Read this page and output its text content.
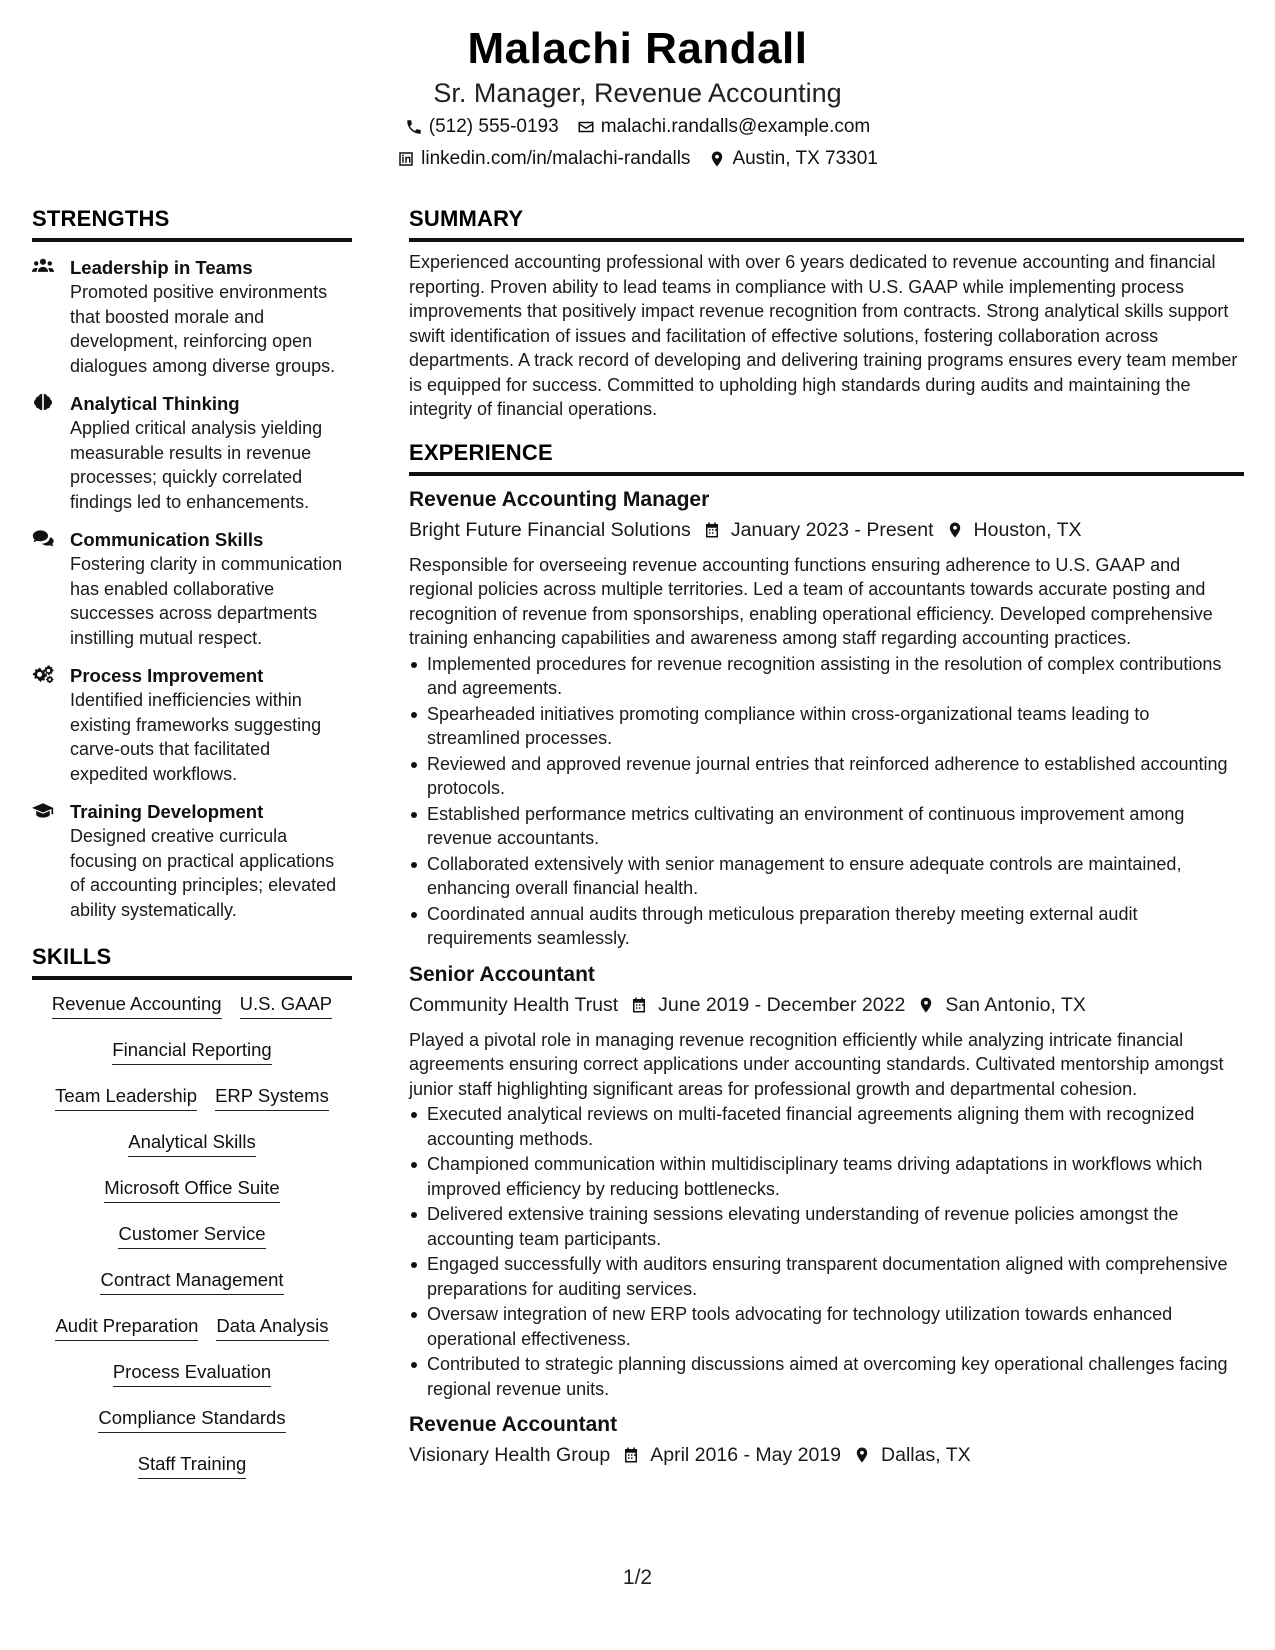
Malachi Randall
Sr. Manager, Revenue Accounting
(512) 555-0193 malachi.randalls@example.com
linkedin.com/in/malachi-randalls Austin, TX 73301
STRENGTHS
Leadership in Teams
Promoted positive environments that boosted morale and development, reinforcing open dialogues among diverse groups.
Analytical Thinking
Applied critical analysis yielding measurable results in revenue processes; quickly correlated findings led to enhancements.
Communication Skills
Fostering clarity in communication has enabled collaborative successes across departments instilling mutual respect.
Process Improvement
Identified inefficiencies within existing frameworks suggesting carve-outs that facilitated expedited workflows.
Training Development
Designed creative curricula focusing on practical applications of accounting principles; elevated ability systematically.
SKILLS
Revenue Accounting U.S. GAAP
Financial Reporting
Team Leadership ERP Systems
Analytical Skills
Microsoft Office Suite
Customer Service
Contract Management
Audit Preparation Data Analysis
Process Evaluation
Compliance Standards
Staff Training
SUMMARY
Experienced accounting professional with over 6 years dedicated to revenue accounting and financial reporting. Proven ability to lead teams in compliance with U.S. GAAP while implementing process improvements that positively impact revenue recognition from contracts. Strong analytical skills support swift identification of issues and facilitation of effective solutions, fostering collaboration across departments. A track record of developing and delivering training programs ensures every team member is equipped for success. Committed to upholding high standards during audits and maintaining the integrity of financial operations.
EXPERIENCE
Revenue Accounting Manager
Bright Future Financial Solutions January 2023 - Present Houston, TX
Responsible for overseeing revenue accounting functions ensuring adherence to U.S. GAAP and regional policies across multiple territories. Led a team of accountants towards accurate posting and recognition of revenue from sponsorships, enabling operational efficiency. Developed comprehensive training enhancing capabilities and awareness among staff regarding accounting practices.
Implemented procedures for revenue recognition assisting in the resolution of complex contributions and agreements.
Spearheaded initiatives promoting compliance within cross-organizational teams leading to streamlined processes.
Reviewed and approved revenue journal entries that reinforced adherence to established accounting protocols.
Established performance metrics cultivating an environment of continuous improvement among revenue accountants.
Collaborated extensively with senior management to ensure adequate controls are maintained, enhancing overall financial health.
Coordinated annual audits through meticulous preparation thereby meeting external audit requirements seamlessly.
Senior Accountant
Community Health Trust June 2019 - December 2022 San Antonio, TX
Played a pivotal role in managing revenue recognition efficiently while analyzing intricate financial agreements ensuring correct applications under accounting standards. Cultivated mentorship amongst junior staff highlighting significant areas for professional growth and departmental cohesion.
Executed analytical reviews on multi-faceted financial agreements aligning them with recognized accounting methods.
Championed communication within multidisciplinary teams driving adaptations in workflows which improved efficiency by reducing bottlenecks.
Delivered extensive training sessions elevating understanding of revenue policies amongst the accounting team participants.
Engaged successfully with auditors ensuring transparent documentation aligned with comprehensive preparations for auditing services.
Oversaw integration of new ERP tools advocating for technology utilization towards enhanced operational effectiveness.
Contributed to strategic planning discussions aimed at overcoming key operational challenges facing regional revenue units.
Revenue Accountant
Visionary Health Group April 2016 - May 2019 Dallas, TX
1/2
